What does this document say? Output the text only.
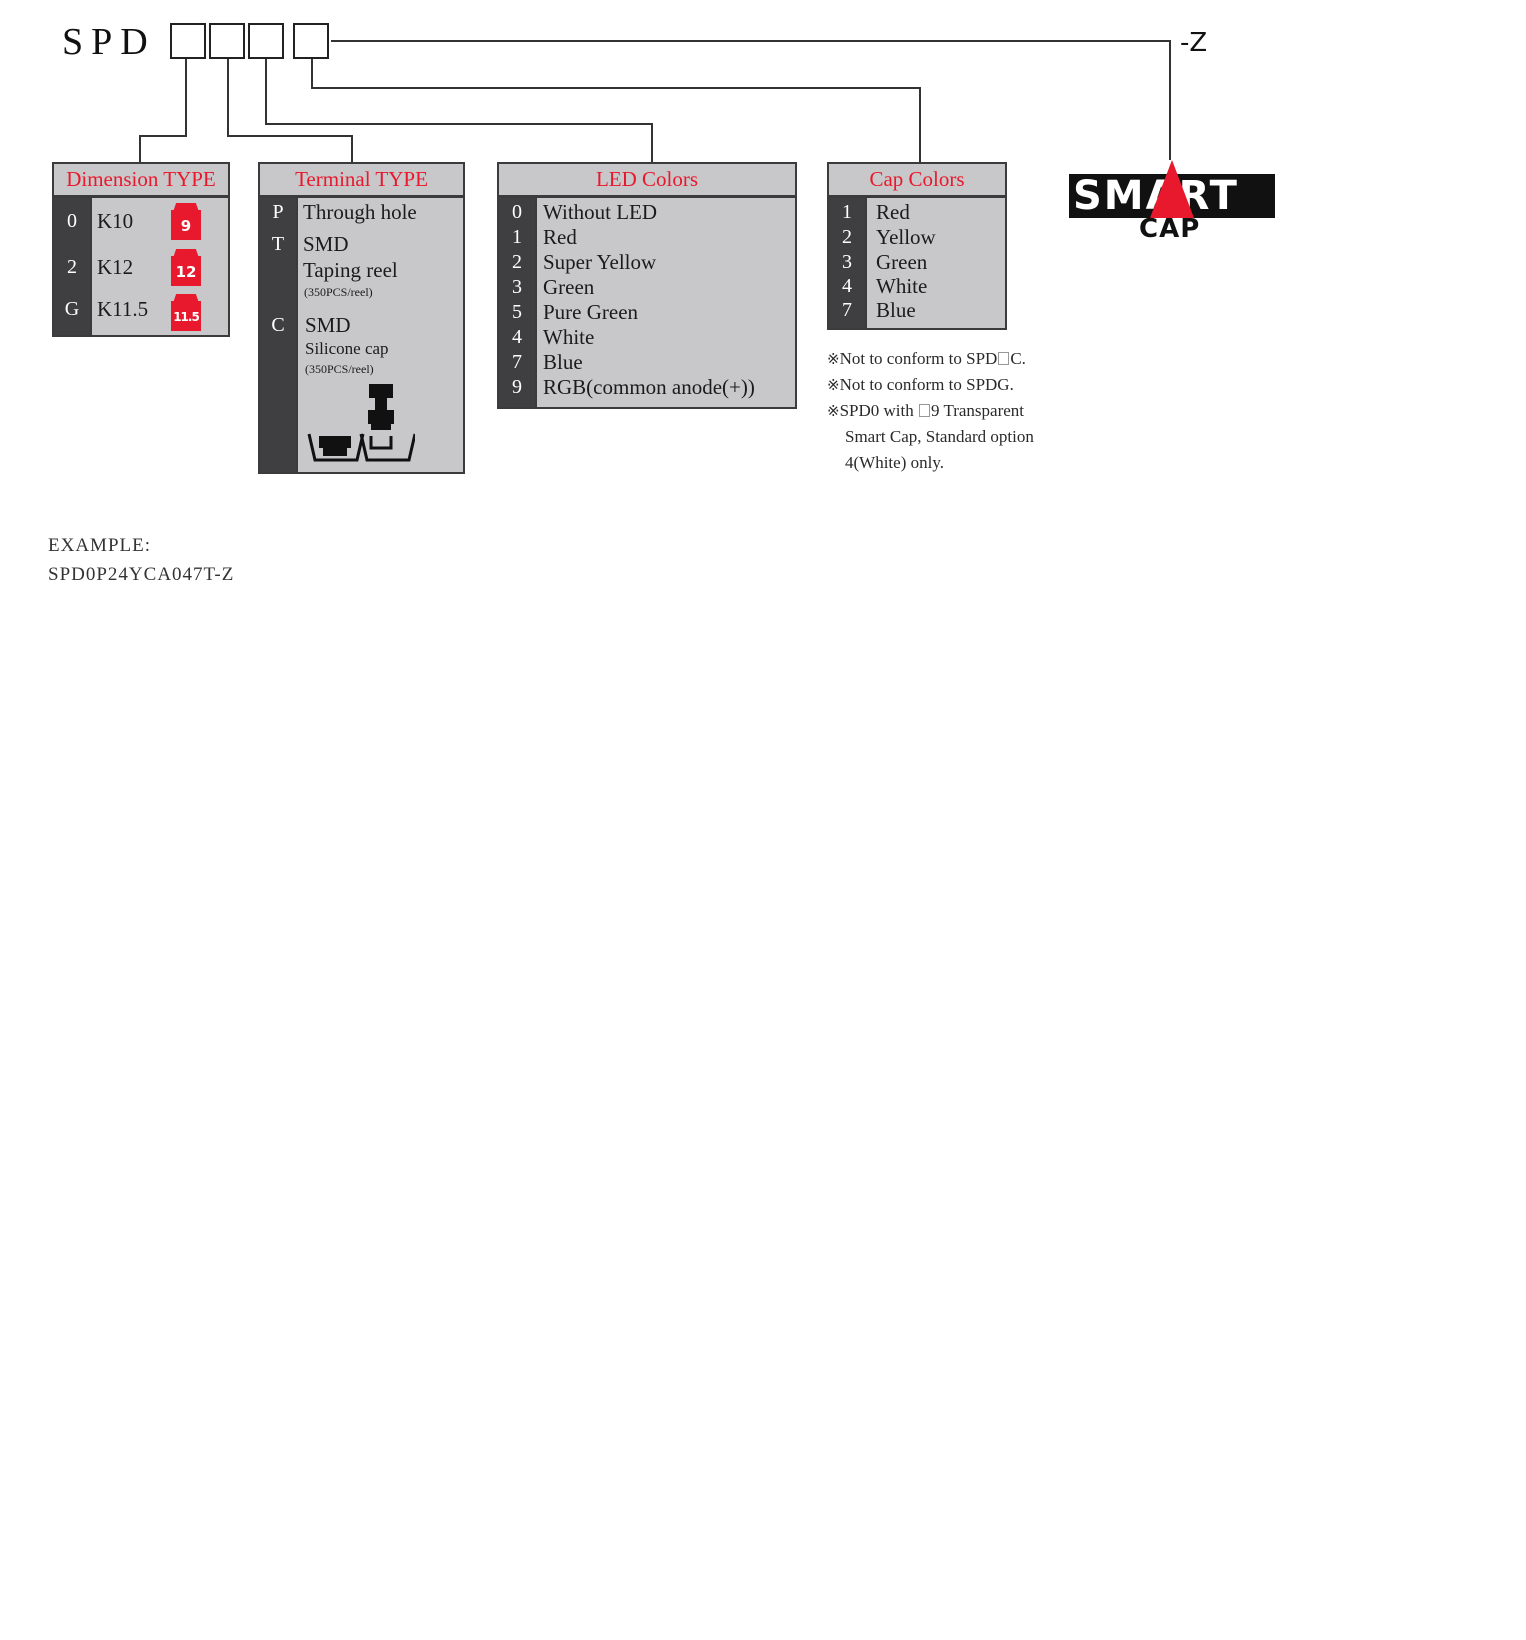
SPD	-Z
Dimension TYPE
0 K10	9
2 K12	12
G K11.5 11.5
Terminal TYPE
P Through hole
T SMD
Taping reel
(350PCS/reel)
C SMD
Silicone cap
(350PCS/reel)
LED Colors
0	Without LED
1	Red
2	Super Yellow
3	Green
5	Pure Green
4	White
7	Blue
9	RGB(common anode(+))
Cap Colors
1	Red
2	Yellow
3	Green
4	White
7	Blue
※Not to conform to SPD C.
※Not to conform to SPDG.
※SPD0 with 9 Transparent
Smart Cap, Standard option
4(White) only.
SMART
CAP
EXAMPLE:
SPD0P24YCA047T-Z
